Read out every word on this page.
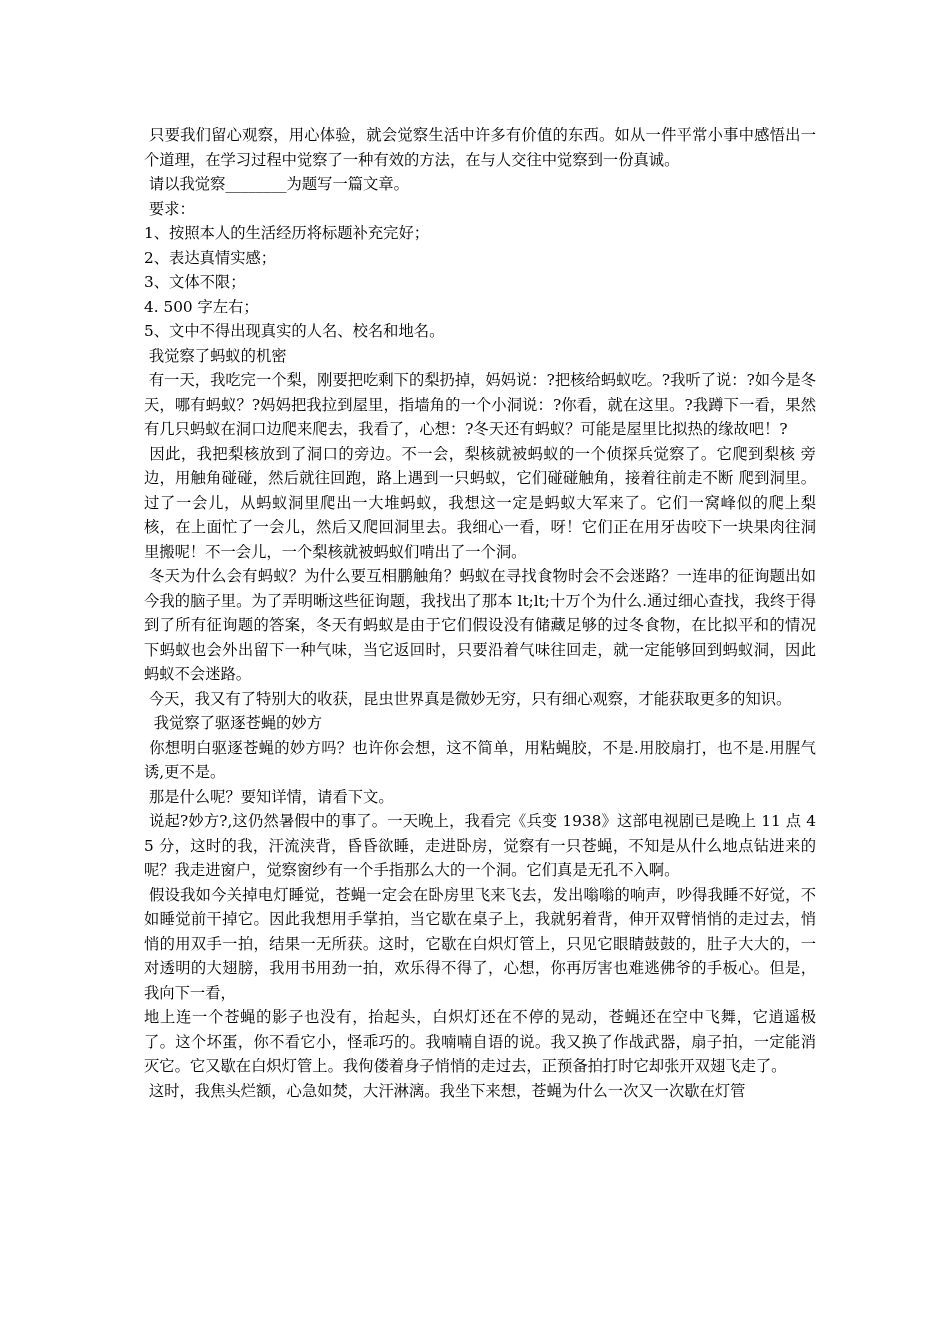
只要我们留心观察，用心体验，就会觉察生活中许多有价值的东西。如从一件平常小事中感悟出一个道理，在学习过程中觉察了一种有效的方法，在与人交往中觉察到一份真诚。

请以我觉察________为题写一篇文章。

要求：

1、按照本人的生活经历将标题补充完好；

2、表达真情实感；

3、文体不限；

4. 500 字左右；

5、文中不得出现真实的人名、校名和地名。

我觉察了蚂蚁的机密

有一天，我吃完一个梨，刚要把吃剩下的梨扔掉，妈妈说：?把核给蚂蚁吃。?我听了说：?如今是冬天，哪有蚂蚁？?妈妈把我拉到屋里，指墙角的一个小洞说：?你看，就在这里。?我蹲下一看，果然有几只蚂蚁在洞口边爬来爬去，我看了，心想：?冬天还有蚂蚁？可能是屋里比拟热的缘故吧！?

因此，我把梨核放到了洞口的旁边。不一会，梨核就被蚂蚁的一个侦探兵觉察了。它爬到梨核 旁边，用触角碰碰，然后就往回跑，路上遇到一只蚂蚁，它们碰碰触角，接着往前走不断 爬到洞里。过了一会儿，从蚂蚁洞里爬出一大堆蚂蚁，我想这一定是蚂蚁大军来了。它们一窝峰似的爬上梨核，在上面忙了一会儿，然后又爬回洞里去。我细心一看，呀！它们正在用牙齿咬下一块果肉往洞里搬呢！不一会儿，一个梨核就被蚂蚁们啃出了一个洞。

冬天为什么会有蚂蚁？为什么要互相鹏触角？蚂蚁在寻找食物时会不会迷路？一连串的征询题出如今我的脑子里。为了弄明晰这些征询题，我找出了那本 lt;lt;十万个为什么.通过细心查找，我终于得到了所有征询题的答案，冬天有蚂蚁是由于它们假设没有储藏足够的过冬食物，在比拟平和的情况下蚂蚁也会外出留下一种气味，当它返回时，只要沿着气味往回走，就一定能够回到蚂蚁洞，因此蚂蚁不会迷路。

今天，我又有了特别大的收获，昆虫世界真是微妙无穷，只有细心观察，才能获取更多的知识。

我觉察了驱逐苍蝇的妙方

你想明白驱逐苍蝇的妙方吗？也许你会想，这不简单，用粘蝇胶，不是.用胶扇打，也不是.用腥气诱,更不是。

那是什么呢？要知详情，请看下文。

说起?妙方?,这仍然暑假中的事了。一天晚上，我看完《兵变 1938》这部电视剧已是晚上 11 点 45 分，这时的我，汗流浃背，昏昏欲睡，走进卧房，觉察有一只苍蝇，不知是从什么地点钻进来的呢？我走进窗户，觉察窗纱有一个手指那么大的一个洞。它们真是无孔不入啊。

假设我如今关掉电灯睡觉，苍蝇一定会在卧房里飞来飞去，发出嗡嗡的响声，吵得我睡不好觉，不如睡觉前干掉它。因此我想用手掌拍，当它歇在桌子上，我就躬着背，伸开双臂悄悄的走过去，悄悄的用双手一拍，结果一无所获。这时，它歇在白炽灯管上，只见它眼睛鼓鼓的，肚子大大的，一对透明的大翅膀，我用书用劲一拍，欢乐得不得了，心想，你再厉害也难逃佛爷的手板心。但是，我向下一看，

地上连一个苍蝇的影子也没有，抬起头，白炽灯还在不停的晃动，苍蝇还在空中飞舞，它逍遥极了。这个坏蛋，你不看它小，怪乖巧的。我喃喃自语的说。我又换了作战武器，扇子拍，一定能消灭它。它又歇在白炽灯管上。我佝偻着身子悄悄的走过去，正预备拍打时它却张开双翅飞走了。

这时，我焦头烂额，心急如焚，大汗淋漓。我坐下来想，苍蝇为什么一次又一次歇在灯管
